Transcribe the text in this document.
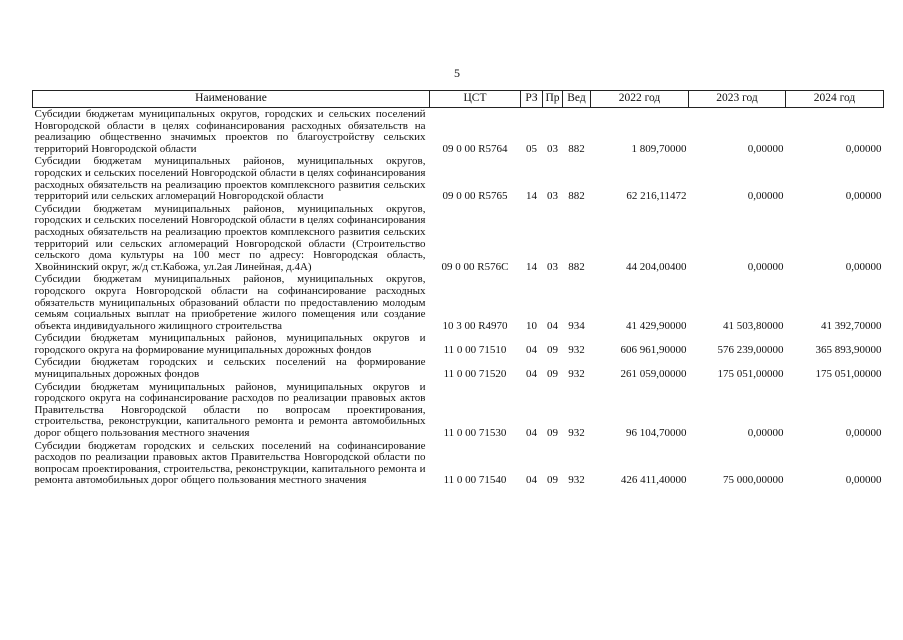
5
Наименование	ЦСТ	РЗ	Пр	Вед	2022 год	2023 год	2024 год

Субсидии бюджетам муниципальных округов, городских и сельских поселений Новгородской области в целях софинансирования расходных обязательств на реализацию общественно значимых проектов по благоустройству сельских территорий Новгородской области	09 0 00 R5764	05	03	882	1 809,70000	0,00000	0,00000

Субсидии бюджетам муниципальных районов, муниципальных округов, городских и сельских поселений Новгородской области в целях софинансирования расходных обязательств на реализацию проектов комплексного развития сельских территорий или сельских агломераций Новгородской области	09 0 00 R5765	14	03	882	62 216,11472	0,00000	0,00000

Субсидии бюджетам муниципальных районов, муниципальных округов, городских и сельских поселений Новгородской области в целях софинансирования расходных обязательств на реализацию проектов комплексного развития сельских территорий или сельских агломераций Новгородской области (Строительство сельского дома культуры на 100 мест по адресу: Новгородская область, Хвойнинский округ, ж/д ст.Кабожа, ул.2ая Линейная, д.4А)	09 0 00 R576C	14	03	882	44 204,00400	0,00000	0,00000

Субсидии бюджетам муниципальных районов, муниципальных округов, городского округа Новгородской области на софинансирование расходных обязательств муниципальных образований области по предоставлению молодым семьям социальных выплат на приобретение жилого помещения или создание объекта индивидуального жилищного строительства	10 3 00 R4970	10	04	934	41 429,90000	41 503,80000	41 392,70000

Субсидии бюджетам муниципальных районов, муниципальных округов и городского округа на формирование муниципальных дорожных фондов	11 0 00 71510	04	09	932	606 961,90000	576 239,00000	365 893,90000

Субсидии бюджетам городских и сельских поселений на формирование муниципальных дорожных фондов	11 0 00 71520	04	09	932	261 059,00000	175 051,00000	175 051,00000

Субсидии бюджетам муниципальных районов, муниципальных округов и городского округа на софинансирование расходов по реализации правовых актов Правительства Новгородской области по вопросам проектирования, строительства, реконструкции, капитального ремонта и ремонта автомобильных дорог общего пользования местного значения	11 0 00 71530	04	09	932	96 104,70000	0,00000	0,00000

Субсидии бюджетам городских и сельских поселений на софинансирование расходов по реализации правовых актов Правительства Новгородской области по вопросам проектирования, строительства, реконструкции, капитального ремонта и ремонта автомобильных дорог общего пользования местного значения	11 0 00 71540	04	09	932	426 411,40000	75 000,00000	0,00000
